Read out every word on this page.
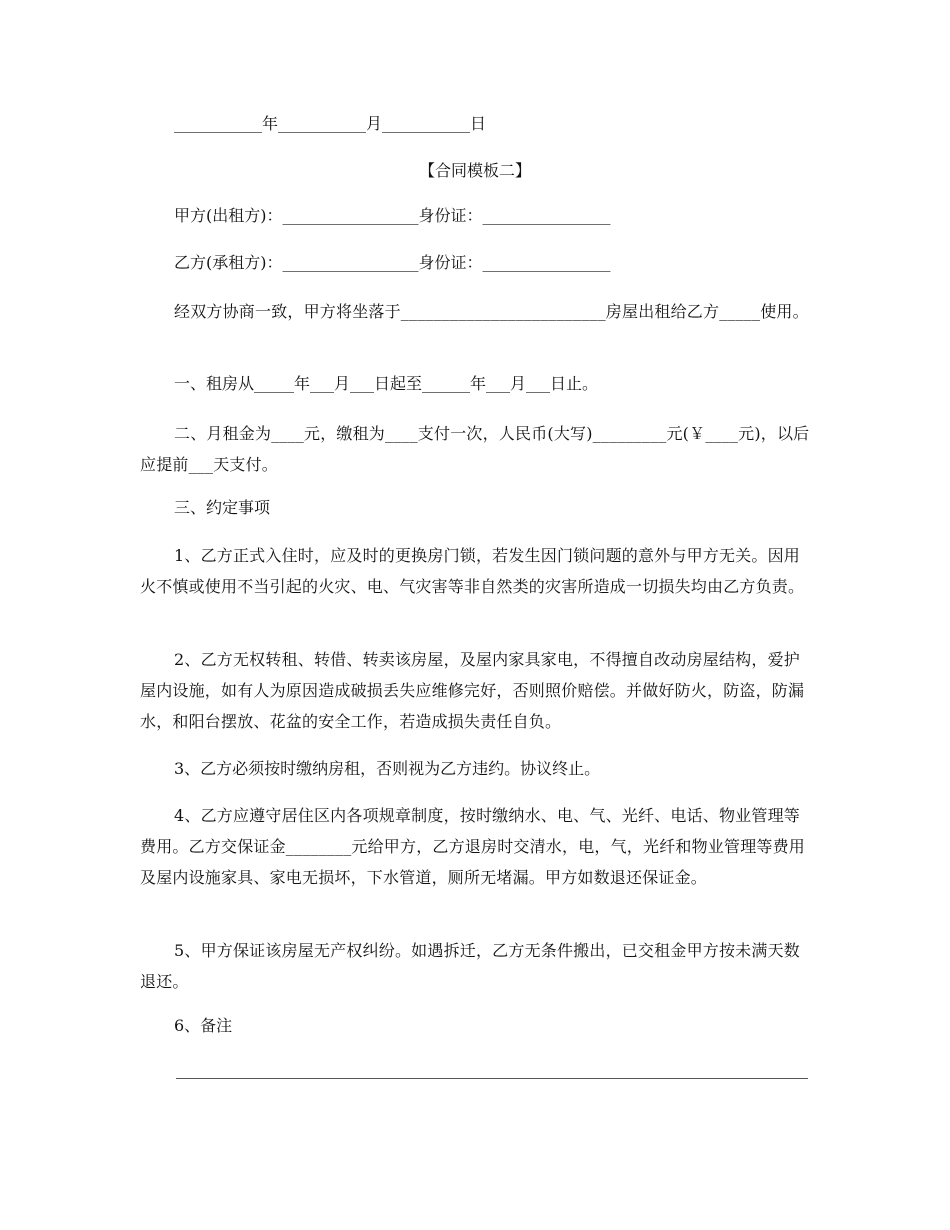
___________年___________月___________日
【合同模板二】
甲方(出租方)：_________________身份证：________________
乙方(承租方)：_________________身份证：________________
经双方协商一致，甲方将坐落于_________________________房屋出租给乙方_____使用。
一、租房从_____年___月___日起至______年___月___日止。
二、月租金为____元，缴租为____支付一次，人民币(大写)_________元(￥____元)，以后应提前___天支付。
三、约定事项
1、乙方正式入住时，应及时的更换房门锁，若发生因门锁问题的意外与甲方无关。因用火不慎或使用不当引起的火灾、电、气灾害等非自然类的灾害所造成一切损失均由乙方负责。
2、乙方无权转租、转借、转卖该房屋，及屋内家具家电，不得擅自改动房屋结构，爱护屋内设施，如有人为原因造成破损丢失应维修完好，否则照价赔偿。并做好防火，防盗，防漏水，和阳台摆放、花盆的安全工作，若造成损失责任自负。
3、乙方必须按时缴纳房租，否则视为乙方违约。协议终止。
4、乙方应遵守居住区内各项规章制度，按时缴纳水、电、气、光纤、电话、物业管理等费用。乙方交保证金________元给甲方，乙方退房时交清水，电，气，光纤和物业管理等费用及屋内设施家具、家电无损坏，下水管道，厕所无堵漏。甲方如数退还保证金。
5、甲方保证该房屋无产权纠纷。如遇拆迁，乙方无条件搬出，已交租金甲方按未满天数退还。
6、备注
